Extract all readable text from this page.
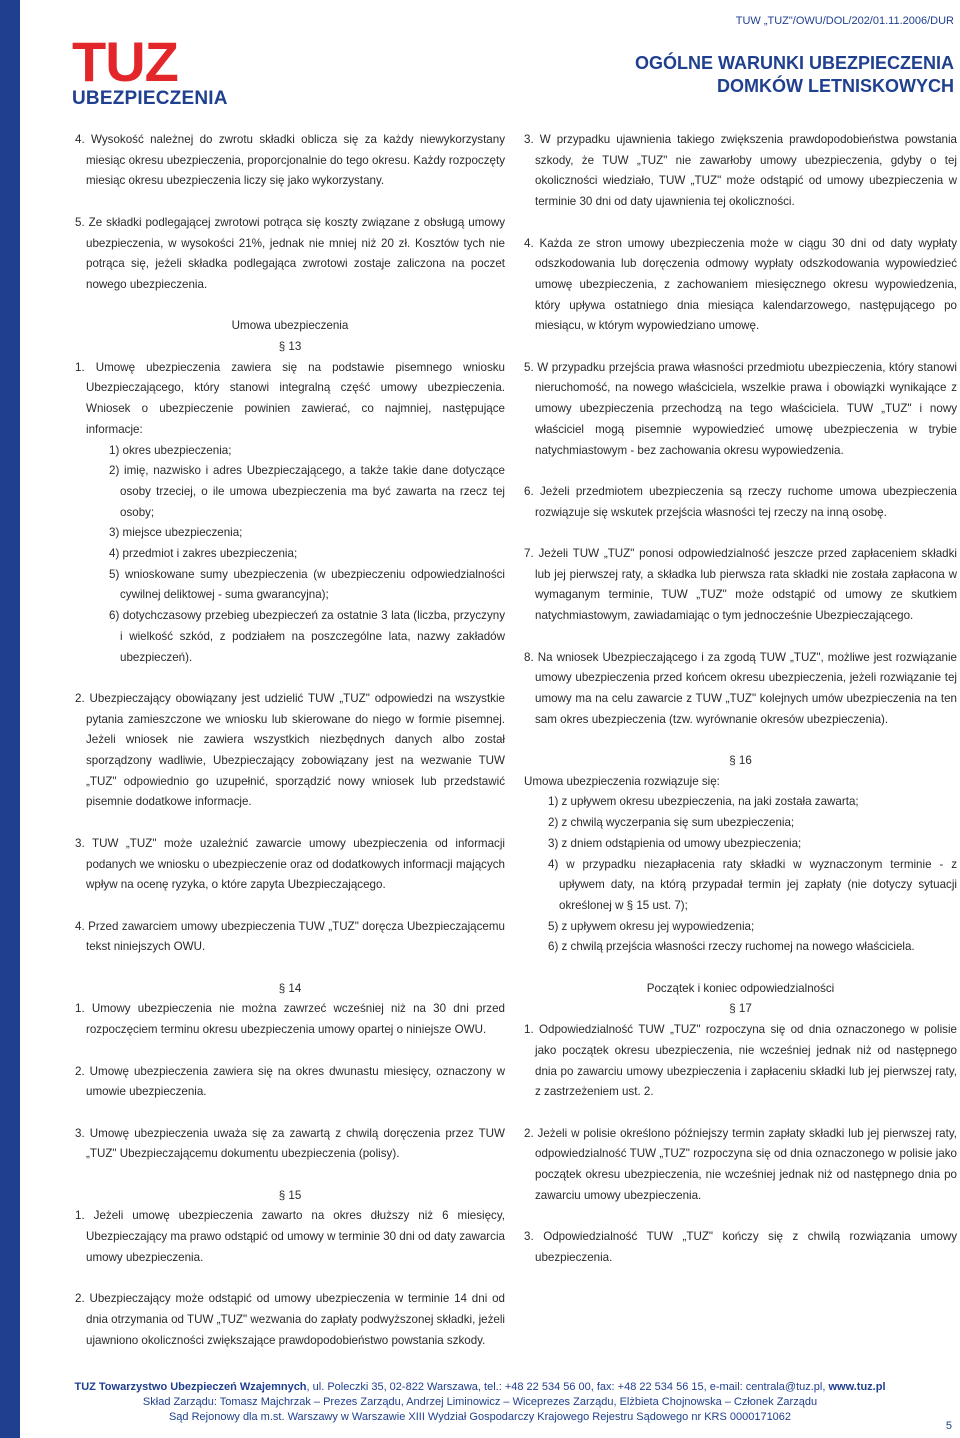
TUZ
UBEZPIECZENIA
TUW „TUZ"/OWU/DOL/202/01.11.2006/DUR
OGÓLNE WARUNKI UBEZPIECZENIA
DOMKÓW LETNISKOWYCH

4. Wysokość należnej do zwrotu składki oblicza się za każdy niewykorzystany miesiąc okresu ubezpieczenia, proporcjonalnie do tego okresu. Każdy rozpoczęty miesiąc okresu ubezpieczenia liczy się jako wykorzystany.

5. Ze składki podlegającej zwrotowi potrąca się koszty związane z obsługą umowy ubezpieczenia, w wysokości 21%, jednak nie mniej niż 20 zł. Kosztów tych nie potrąca się, jeżeli składka podlegająca zwrotowi zostaje zaliczona na poczet nowego ubezpieczenia.

Umowa ubezpieczenia

§ 13

1. Umowę ubezpieczenia zawiera się na podstawie pisemnego wniosku Ubezpieczającego, który stanowi integralną część umowy ubezpieczenia. Wniosek o ubezpieczenie powinien zawierać, co najmniej, następujące informacje:

1) okres ubezpieczenia;

2) imię, nazwisko i adres Ubezpieczającego, a także takie dane dotyczące osoby trzeciej, o ile umowa ubezpieczenia ma być zawarta na rzecz tej osoby;

3) miejsce ubezpieczenia;

4) przedmiot i zakres ubezpieczenia;

5) wnioskowane sumy ubezpieczenia (w ubezpieczeniu odpowiedzialności cywilnej deliktowej - suma gwarancyjna);

6) dotychczasowy przebieg ubezpieczeń za ostatnie 3 lata (liczba, przyczyny i wielkość szkód, z podziałem na poszczególne lata, nazwy zakładów ubezpieczeń).

2. Ubezpieczający obowiązany jest udzielić TUW „TUZ" odpowiedzi na wszystkie pytania zamieszczone we wniosku lub skierowane do niego w formie pisemnej. Jeżeli wniosek nie zawiera wszystkich niezbędnych danych albo został sporządzony wadliwie, Ubezpieczający zobowiązany jest na wezwanie TUW „TUZ" odpowiednio go uzupełnić, sporządzić nowy wniosek lub przedstawić pisemnie dodatkowe informacje.

3. TUW „TUZ" może uzależnić zawarcie umowy ubezpieczenia od informacji podanych we wniosku o ubezpieczenie oraz od dodatkowych informacji mających wpływ na ocenę ryzyka, o które zapyta Ubezpieczającego.

4. Przed zawarciem umowy ubezpieczenia TUW „TUZ" doręcza Ubezpieczającemu tekst niniejszych OWU.

§ 14

1. Umowy ubezpieczenia nie można zawrzeć wcześniej niż na 30 dni przed rozpoczęciem terminu okresu ubezpieczenia umowy opartej o niniejsze OWU.

2. Umowę ubezpieczenia zawiera się na okres dwunastu miesięcy, oznaczony w umowie ubezpieczenia.

3. Umowę ubezpieczenia uważa się za zawartą z chwilą doręczenia przez TUW „TUZ" Ubezpieczającemu dokumentu ubezpieczenia (polisy).

§ 15

1. Jeżeli umowę ubezpieczenia zawarto na okres dłuższy niż 6 miesięcy, Ubezpieczający ma prawo odstąpić od umowy w terminie 30 dni od daty zawarcia umowy ubezpieczenia.

2. Ubezpieczający może odstąpić od umowy ubezpieczenia w terminie 14 dni od dnia otrzymania od TUW „TUZ" wezwania do zapłaty podwyższonej składki, jeżeli ujawniono okoliczności zwiększające prawdopodobieństwo powstania szkody.

3. W przypadku ujawnienia takiego zwiększenia prawdopodobieństwa powstania szkody, że TUW „TUZ" nie zawarłoby umowy ubezpieczenia, gdyby o tej okoliczności wiedziało, TUW „TUZ" może odstąpić od umowy ubezpieczenia w terminie 30 dni od daty ujawnienia tej okoliczności.

4. Każda ze stron umowy ubezpieczenia może w ciągu 30 dni od daty wypłaty odszkodowania lub doręczenia odmowy wypłaty odszkodowania wypowiedzieć umowę ubezpieczenia, z zachowaniem miesięcznego okresu wypowiedzenia, który upływa ostatniego dnia miesiąca kalendarzowego, następującego po miesiącu, w którym wypowiedziano umowę.

5. W przypadku przejścia prawa własności przedmiotu ubezpieczenia, który stanowi nieruchomość, na nowego właściciela, wszelkie prawa i obowiązki wynikające z umowy ubezpieczenia przechodzą na tego właściciela. TUW „TUZ" i nowy właściciel mogą pisemnie wypowiedzieć umowę ubezpieczenia w trybie natychmiastowym - bez zachowania okresu wypowiedzenia.

6. Jeżeli przedmiotem ubezpieczenia są rzeczy ruchome umowa ubezpieczenia rozwiązuje się wskutek przejścia własności tej rzeczy na inną osobę.

7. Jeżeli TUW „TUZ" ponosi odpowiedzialność jeszcze przed zapłaceniem składki lub jej pierwszej raty, a składka lub pierwsza rata składki nie została zapłacona w wymaganym terminie, TUW „TUZ" może odstąpić od umowy ze skutkiem natychmiastowym, zawiadamiając o tym jednocześnie Ubezpieczającego.

8. Na wniosek Ubezpieczającego i za zgodą TUW „TUZ", możliwe jest rozwiązanie umowy ubezpieczenia przed końcem okresu ubezpieczenia, jeżeli rozwiązanie tej umowy ma na celu zawarcie z TUW „TUZ" kolejnych umów ubezpieczenia na ten sam okres ubezpieczenia (tzw. wyrównanie okresów ubezpieczenia).

§ 16

Umowa ubezpieczenia rozwiązuje się:

1) z upływem okresu ubezpieczenia, na jaki została zawarta;

2) z chwilą wyczerpania się sum ubezpieczenia;

3) z dniem odstąpienia od umowy ubezpieczenia;

4) w przypadku niezapłacenia raty składki w wyznaczonym terminie - z upływem daty, na którą przypadał termin jej zapłaty (nie dotyczy sytuacji określonej w § 15 ust. 7);

5) z upływem okresu jej wypowiedzenia;

6) z chwilą przejścia własności rzeczy ruchomej na nowego właściciela.

Początek i koniec odpowiedzialności

§ 17

1. Odpowiedzialność TUW „TUZ" rozpoczyna się od dnia oznaczonego w polisie jako początek okresu ubezpieczenia, nie wcześniej jednak niż od następnego dnia po zawarciu umowy ubezpieczenia i zapłaceniu składki lub jej pierwszej raty, z zastrzeżeniem ust. 2.

2. Jeżeli w polisie określono późniejszy termin zapłaty składki lub jej pierwszej raty, odpowiedzialność TUW „TUZ" rozpoczyna się od dnia oznaczonego w polisie jako początek okresu ubezpieczenia, nie wcześniej jednak niż od następnego dnia po zawarciu umowy ubezpieczenia.

3. Odpowiedzialność TUW „TUZ" kończy się z chwilą rozwiązania umowy ubezpieczenia.

TUZ Towarzystwo Ubezpieczeń Wzajemnych, ul. Poleczki 35, 02-822 Warszawa, tel.: +48 22 534 56 00, fax: +48 22 534 56 15, e-mail: centrala@tuz.pl, www.tuz.pl
Skład Zarządu: Tomasz Majchrzak – Prezes Zarządu, Andrzej Liminowicz – Wiceprezes Zarządu, Elżbieta Chojnowska – Członek Zarządu
Sąd Rejonowy dla m.st. Warszawy w Warszawie XIII Wydział Gospodarczy Krajowego Rejestru Sądowego nr KRS 0000171062
5
